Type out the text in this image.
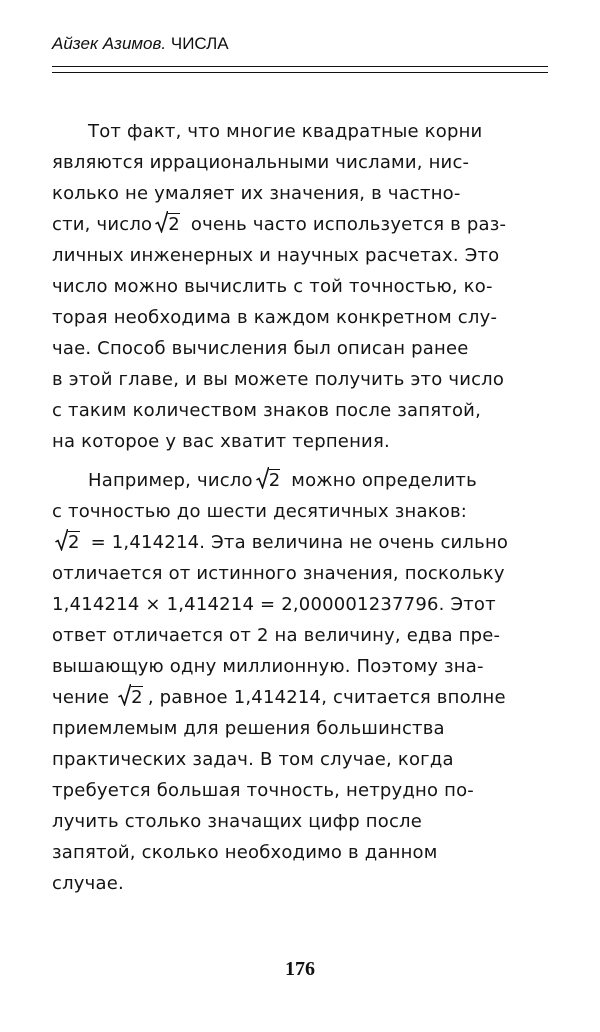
Айзек Азимов. ЧИСЛА
Тот факт, что многие квадратные корни
являются иррациональными числами, нис-
колько не умаляет их значения, в частно-
сти, число 2 очень часто используется в раз-
личных инженерных и научных расчетах. Это
число можно вычислить с той точностью, ко-
торая необходима в каждом конкретном слу-
чае. Способ вычисления был описан ранее
в этой главе, и вы можете получить это число
с таким количеством знаков после запятой,
на которое у вас хватит терпения.
Например, число 2 можно определить
с точностью до шести десятичных знаков:
2 = 1,414214. Эта величина не очень сильно
отличается от истинного значения, поскольку
1,414214 × 1,414214 = 2,000001237796. Этот
ответ отличается от 2 на величину, едва пре-
вышающую одну миллионную. Поэтому зна-
чение
2 , равное 1,414214, считается вполне
приемлемым для решения большинства
практических задач. В том случае, когда
требуется большая точность, нетрудно по-
лучить столько значащих цифр после
запятой, сколько необходимо в данном
случае.
176
